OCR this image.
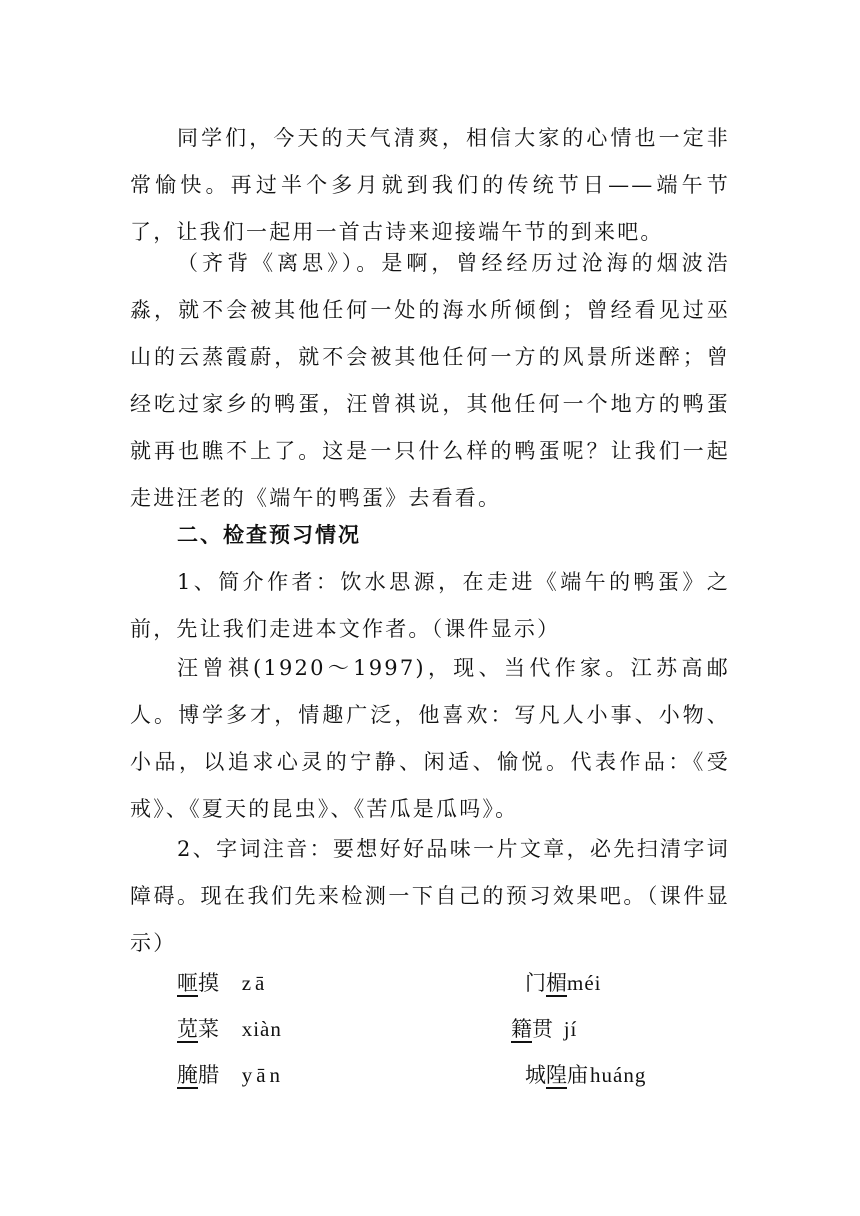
同学们，今天的天气清爽，相信大家的心情也一定非常愉快。再过半个多月就到我们的传统节日——端午节了，让我们一起用一首古诗来迎接端午节的到来吧。

（齐背《离思》）。是啊，曾经经历过沧海的烟波浩淼，就不会被其他任何一处的海水所倾倒；曾经看见过巫山的云蒸霞蔚，就不会被其他任何一方的风景所迷醉；曾经吃过家乡的鸭蛋，汪曾祺说，其他任何一个地方的鸭蛋就再也瞧不上了。这是一只什么样的鸭蛋呢？让我们一起走进汪老的《端午的鸭蛋》去看看。

二、检查预习情况

1、简介作者：饮水思源，在走进《端午的鸭蛋》之前，先让我们走进本文作者。（课件显示）

汪曾祺(1920～1997)，现、当代作家。江苏高邮人。博学多才，情趣广泛，他喜欢：写凡人小事、小物、小品，以追求心灵的宁静、闲适、愉悦。代表作品：《受戒》、《夏天的昆虫》、《苦瓜是瓜吗》。

2、字词注音：要想好好品味一片文章，必先扫清字词障碍。现在我们先来检测一下自己的预习效果吧。（课件显示）

咂摸 zā	门楣méi
苋菜 xiàn	籍贯 jí
腌腊 yān	城隍庙huáng
